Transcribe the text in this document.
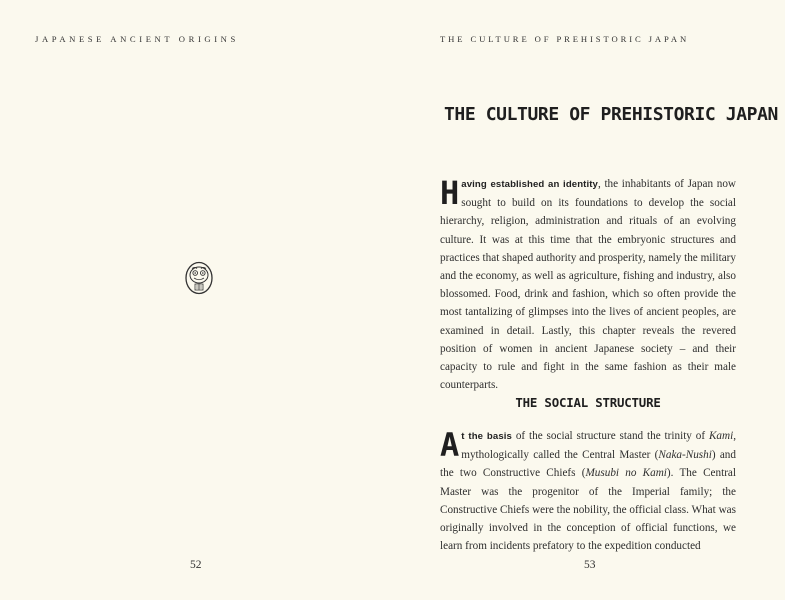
JAPANESE ANCIENT ORIGINS
52
THE CULTURE OF PREHISTORIC JAPAN
THE CULTURE OF PREHISTORIC JAPAN

Having established an identity, the inhabitants of Japan now sought to build on its foundations to develop the social hierarchy, religion, administration and rituals of an evolving culture. It was at this time that the embryonic structures and practices that shaped authority and prosperity, namely the military and the economy, as well as agriculture, fishing and industry, also blossomed. Food, drink and fashion, which so often provide the most tantalizing of glimpses into the lives of ancient peoples, are examined in detail. Lastly, this chapter reveals the revered position of women in ancient Japanese society – and their capacity to rule and fight in the same fashion as their male counterparts.

THE SOCIAL STRUCTURE

At the basis of the social structure stand the trinity of Kami, mythologically called the Central Master (Naka-Nushi) and the two Constructive Chiefs (Musubi no Kami). The Central Master was the progenitor of the Imperial family; the Constructive Chiefs were the nobility, the official class. What was originally involved in the conception of official functions, we learn from incidents prefatory to the expedition conducted

53
